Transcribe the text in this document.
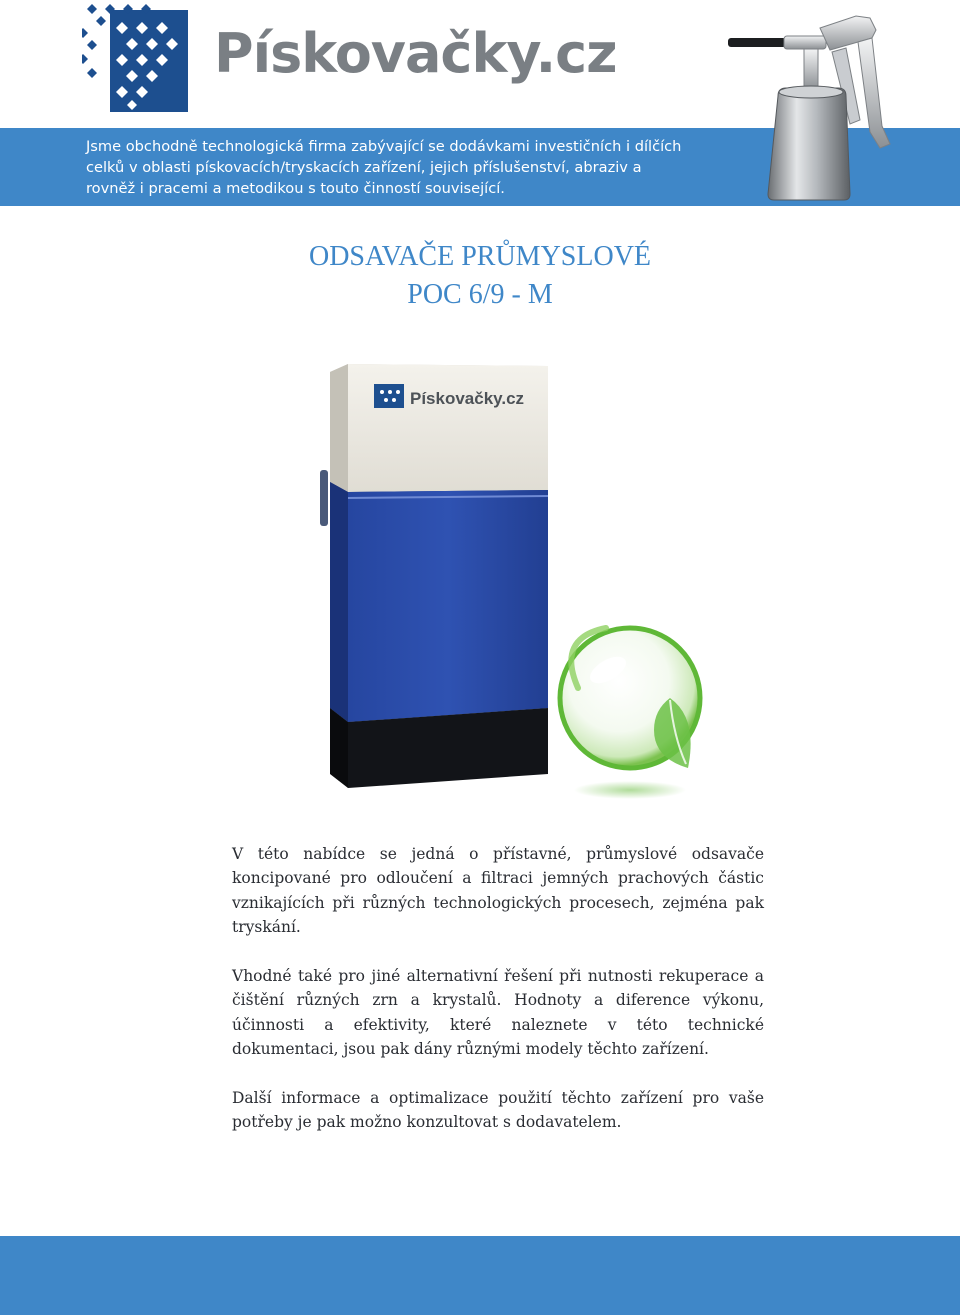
Pískovačky.cz

Jsme obchodně technologická firma zabývající se dodávkami investičních i dílčích celků v oblasti pískovacích/tryskacích zařízení, jejich příslušenství, abraziv a rovněž i pracemi a metodikou s touto činností související.

ODSAVAČE PRŮMYSLOVÉ
POC 6/9 - M
Pískovačky.cz

V této nabídce se jedná o přístavné, průmyslové odsavače koncipované pro odloučení a filtraci jemných prachových částic vznikajících při různých technologických procesech, zejména pak tryskání.

Vhodné také pro jiné alternativní řešení při nutnosti rekuperace a čištění různých zrn a krystalů. Hodnoty a diference výkonu, účinnosti a efektivity, které naleznete v této technické dokumentaci, jsou pak dány různými modely těchto zařízení.

Další informace a optimalizace použití těchto zařízení pro vaše potřeby je pak možno konzultovat s dodavatelem.
